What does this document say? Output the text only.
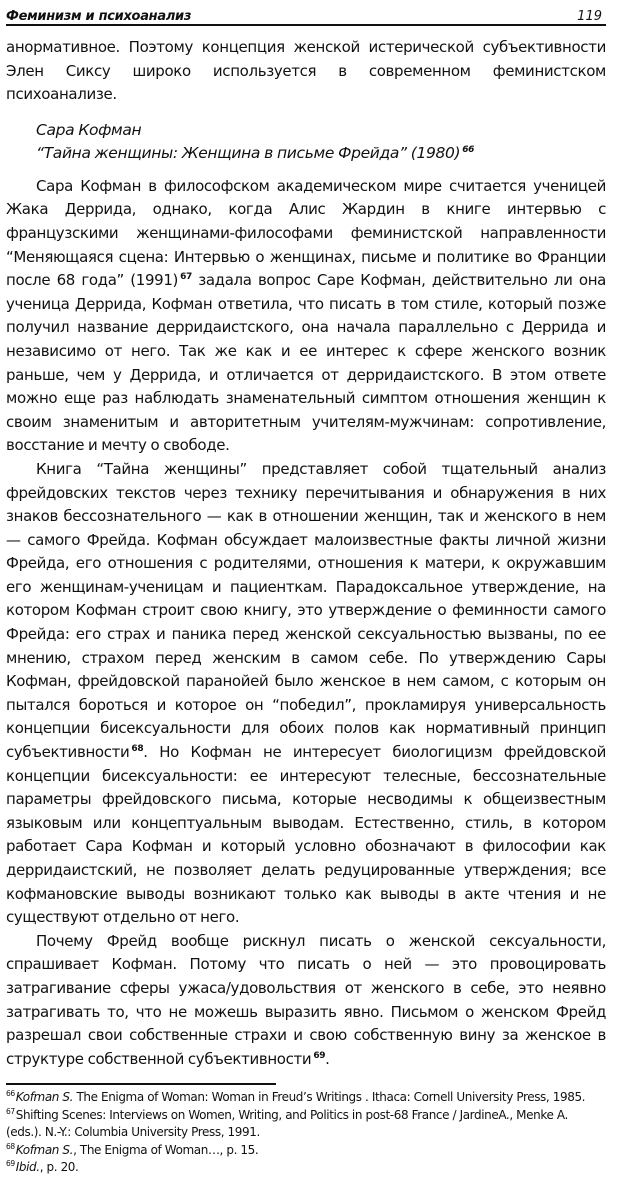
Феминизм и психоанализ	119

анормативное. Поэтому концепция женской истерической субъективности Элен Сиксу широко используется в современном феминистском психоанализе.

Сара Кофман
“Тайна женщины: Женщина в письме Фрейда” (1980) $^{66}$

Сара Кофман в философском академическом мире считается ученицей Жака Деррида, однако, когда Алис Жардин в книге интервью с французскими женщинами-философами феминистской направленности “Меняющаяся сцена: Интервью о женщинах, письме и политике во Франции после 68 года” (1991) $^{67}$ задала вопрос Саре Кофман, действительно ли она ученица Деррида, Кофман ответила, что писать в том стиле, который позже получил название дерридаистского, она начала параллельно с Деррида и независимо от него. Так же как и ее интерес к сфере женского возник раньше, чем у Деррида, и отличается от дерридаистского. В этом ответе можно еще раз наблюдать знаменательный симптом отношения женщин к своим знаменитым и авторитетным учителям-мужчинам: сопротивление, восстание и мечту о свободе.

Книга “Тайна женщины” представляет собой тщательный анализ фрейдовских текстов через технику перечитывания и обнаружения в них знаков бессознательного — как в отношении женщин, так и женского в нем — самого Фрейда. Кофман обсуждает малоизвестные факты личной жизни Фрейда, его отношения с родителями, отношения к матери, к окружавшим его женщинам-ученицам и пациенткам. Парадоксальное утверждение, на котором Кофман строит свою книгу, это утверждение о феминности самого Фрейда: его страх и паника перед женской сексуальностью вызваны, по ее мнению, страхом перед женским в самом себе. По утверждению Сары Кофман, фрейдовской паранойей было женское в нем самом, с которым он пытался бороться и которое он “победил”, прокламируя универсальность концепции бисексуальности для обоих полов как нормативный принцип субъективности $^{68}$. Но Кофман не интересует биологицизм фрейдовской концепции бисексуальности: ее интересуют телесные, бессознательные параметры фрейдовского письма, которые несводимы к общеизвестным языковым или концептуальным выводам. Естественно, стиль, в котором работает Сара Кофман и который условно обозначают в философии как дерридаистский, не позволяет делать редуцированные утверждения; все кофмановские выводы возникают только как выводы в акте чтения и не существуют отдельно от него.

Почему Фрейд вообще рискнул писать о женской сексуальности, спрашивает Кофман. Потому что писать о ней — это провоцировать затрагивание сферы ужаса/удовольствия от женского в себе, это неявно затрагивать то, что не можешь выразить явно. Письмом о женском Фрейд разрешал свои собственные страхи и свою собственную вину за женское в структуре собственной субъективности $^{69}$.

$^{66}$Kofman S. The Enigma of Woman: Woman in Freud’s Writings . Ithaca: Cornell University Press, 1985.
$^{67}$Shifting Scenes: Interviews on Women, Writing, and Politics in post-68 France / JardineA., Menke A. (eds.). N.-Y.: Columbia University Press, 1991.
$^{68}$Kofman S., The Enigma of Woman…, p. 15.
$^{69}$Ibid., p. 20.
